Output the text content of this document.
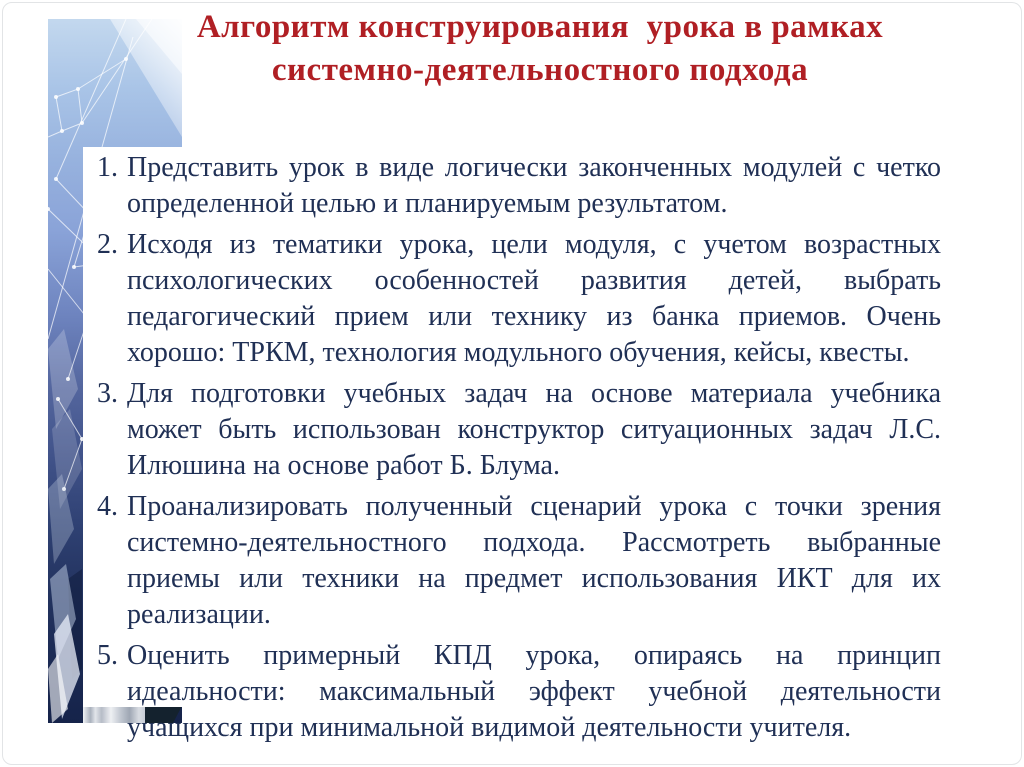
Алгоритм конструирования  урока в рамках системно-деятельностного подхода
1. Представить урок в виде логически законченных модулей с четко определенной целью и планируемым результатом.
2. Исходя из тематики урока, цели модуля, с учетом возрастных психологических особенностей развития детей, выбрать педагогический прием или технику из банка приемов. Очень хорошо: ТРКМ, технология модульного обучения, кейсы, квесты.
3. Для подготовки учебных задач на основе материала учебника может быть использован конструктор ситуационных задач Л.С. Илюшина на основе работ Б. Блума.
4. Проанализировать полученный сценарий урока с точки зрения системно-деятельностного подхода. Рассмотреть выбранные приемы или техники на предмет использования ИКТ для их реализации.
5. Оценить примерный КПД урока, опираясь на принцип идеальности: максимальный эффект учебной деятельности учащихся при минимальной видимой деятельности учителя.
